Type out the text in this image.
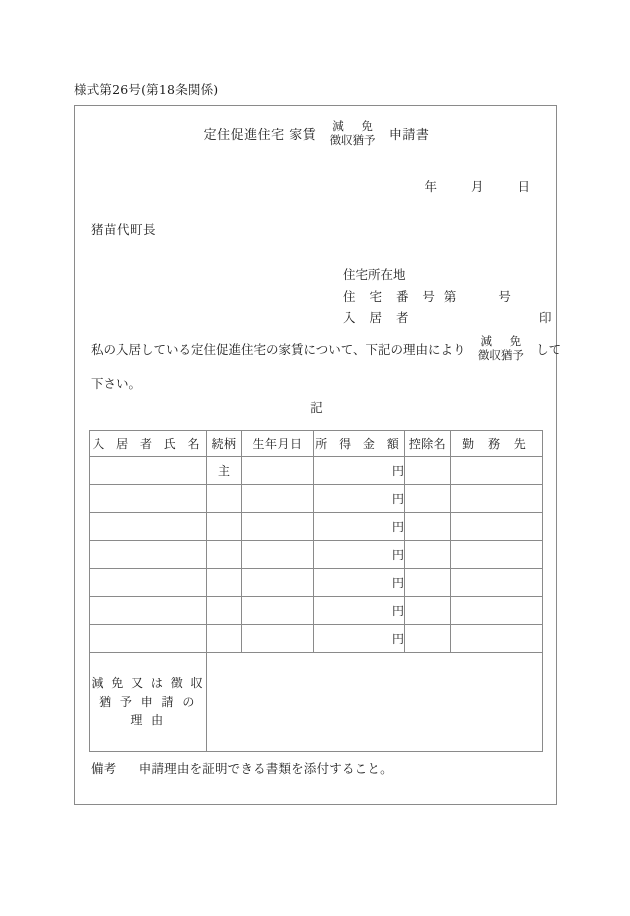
様式第26号(第18条関係)
定住促進住宅 家賃
減 免
徴収猶予	申請書
年	月	日
猪苗代町長
住宅所在地
住 宅 番 号 第	号
入 居 者	印
私の入居している定住促進住宅の家賃について、下記の理由により
減 免
徴収猶予 して
下さい。
記
入 居 者 氏 名	続柄	生年月日	所 得 金 額	控除名	勤 務 先
	主		円		
			円		
			円		
			円		
			円		
			円		
			円		

減 免 又 は 徴 収
猶 予 申 請 の 理 由					

備考 申請理由を証明できる書類を添付すること。
